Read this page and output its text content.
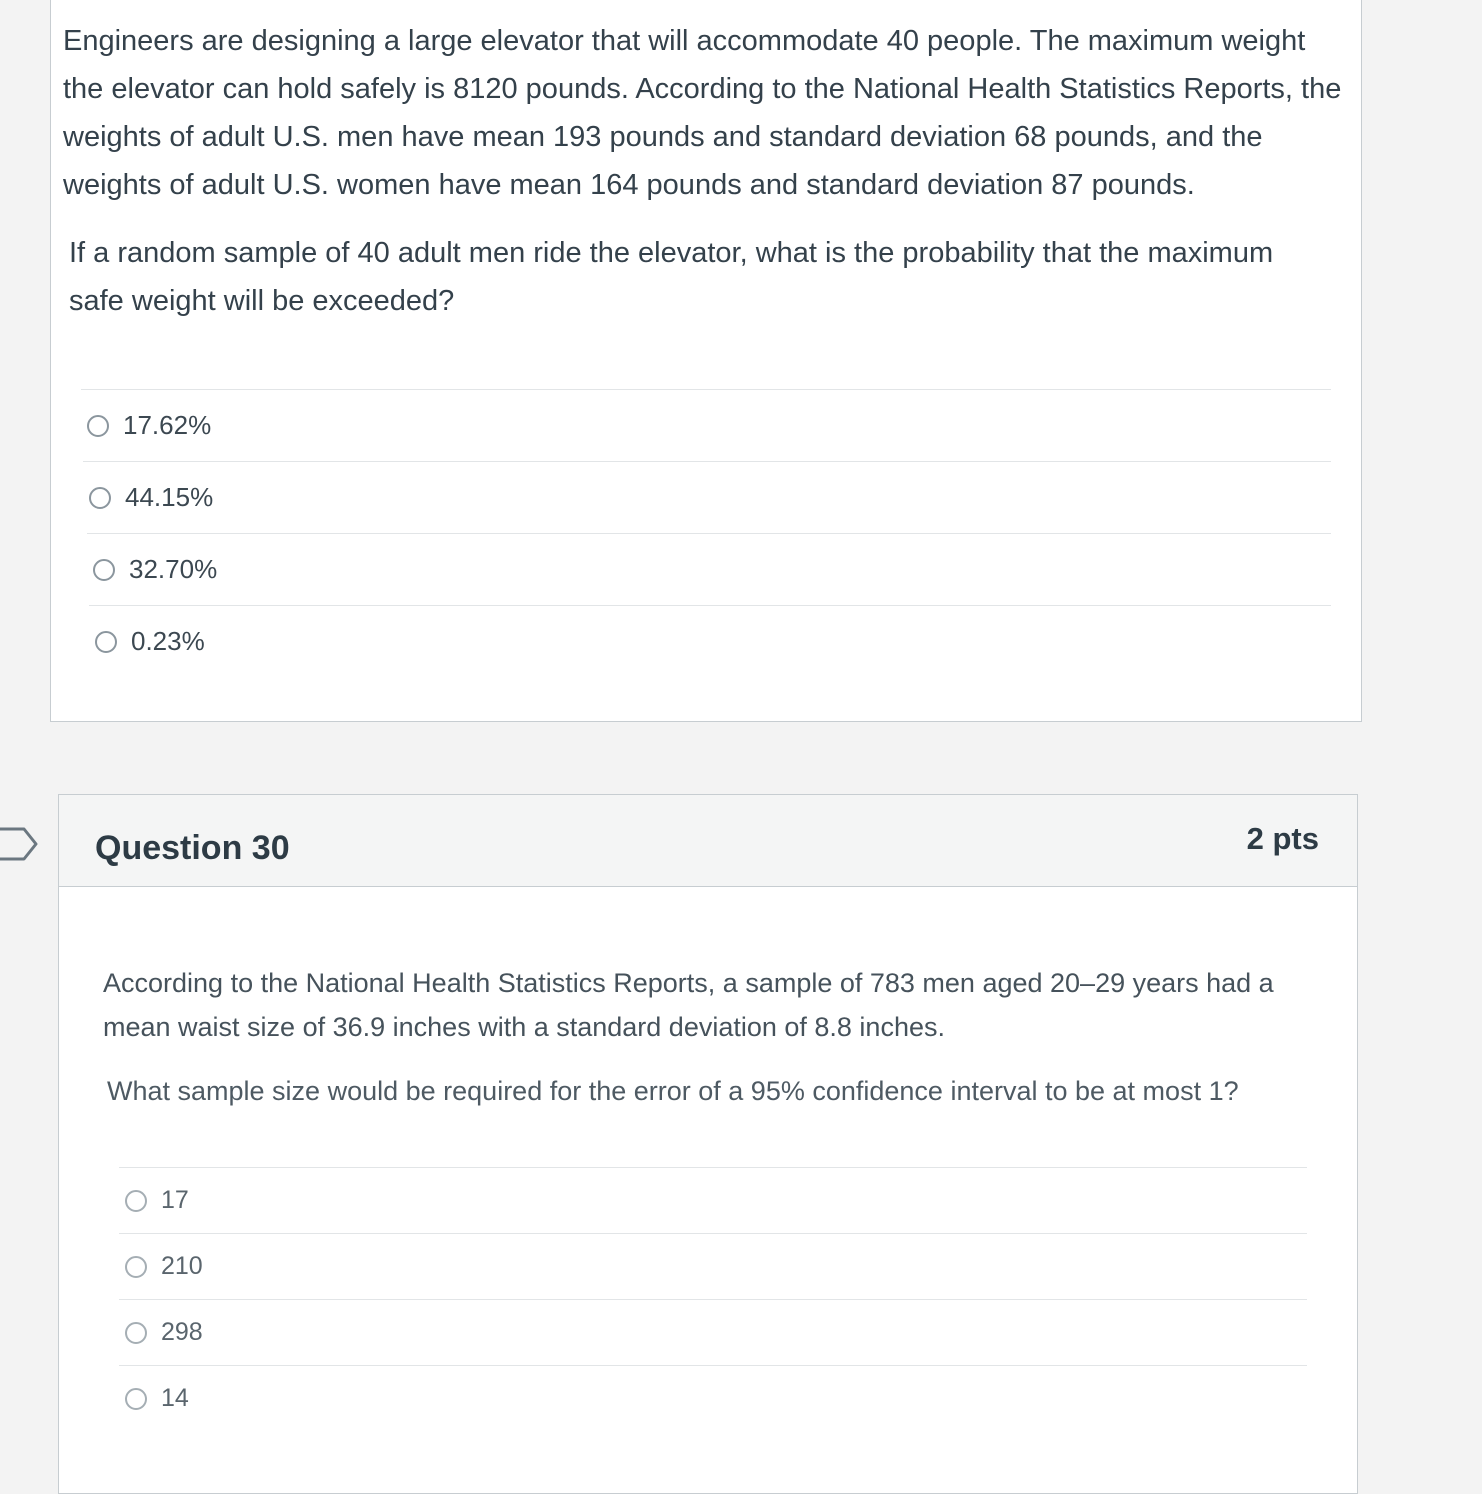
Engineers are designing a large elevator that will accommodate 40 people. The maximum weight the elevator can hold safely is 8120 pounds. According to the National Health Statistics Reports, the weights of adult U.S. men have mean 193 pounds and standard deviation 68 pounds, and the weights of adult U.S. women have mean 164 pounds and standard deviation 87 pounds.

If a random sample of 40 adult men ride the elevator, what is the probability that the maximum safe weight will be exceeded?

17.62%
44.15%
32.70%
0.23%
Question 30	2 pts

According to the National Health Statistics Reports, a sample of 783 men aged 20–29 years had a mean waist size of 36.9 inches with a standard deviation of 8.8 inches.

What sample size would be required for the error of a 95% confidence interval to be at most 1?

17
210
298
14
